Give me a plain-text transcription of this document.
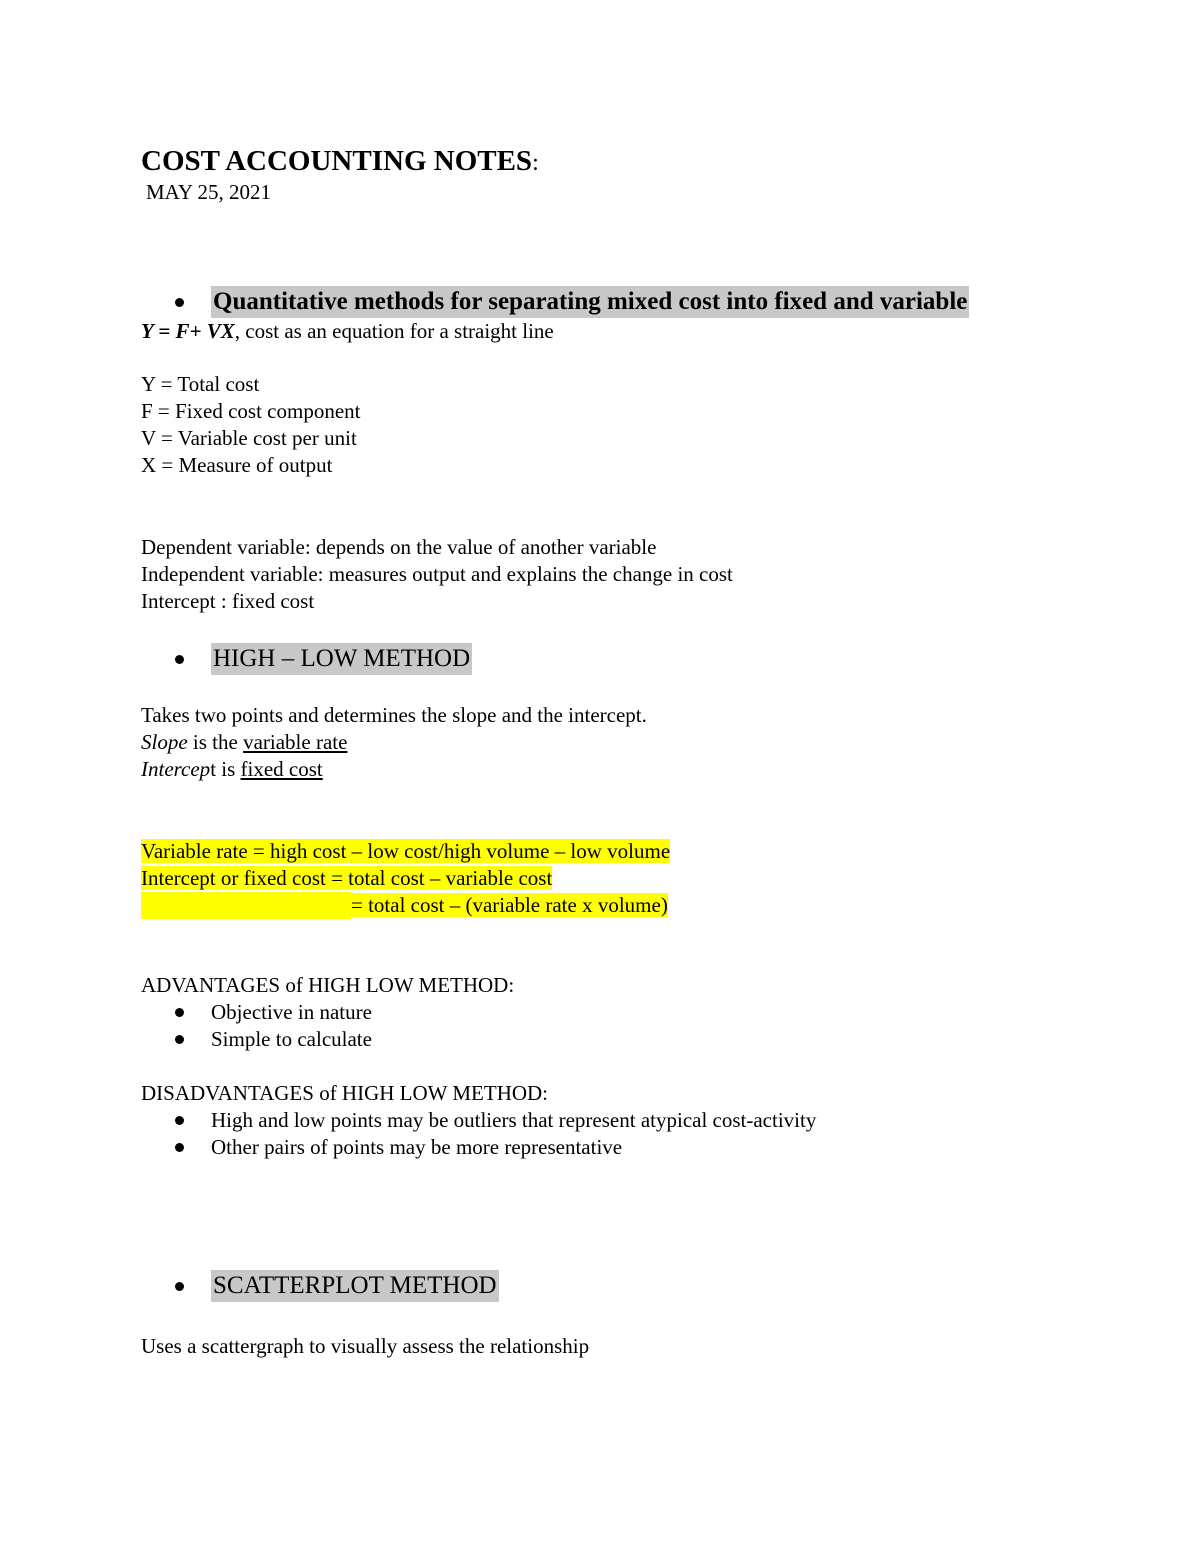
COST ACCOUNTING NOTES:
MAY 25, 2021
Quantitative methods for separating mixed cost into fixed and variable
Y = F+ VX, cost as an equation for a straight line
Y = Total cost
F = Fixed cost component
V = Variable cost per unit
X = Measure of output
Dependent variable: depends on the value of another variable
Independent variable: measures output and explains the change in cost
Intercept : fixed cost
HIGH – LOW METHOD
Takes two points and determines the slope and the intercept.
Slope is the variable rate
Intercept is fixed cost
Variable rate = high cost – low cost/high volume – low volume
Intercept or fixed cost = total cost – variable cost
= total cost – (variable rate x volume)
ADVANTAGES of HIGH LOW METHOD:
Objective in nature
Simple to calculate
DISADVANTAGES of HIGH LOW METHOD:
High and low points may be outliers that represent atypical cost-activity
Other pairs of points may be more representative
SCATTERPLOT METHOD
Uses a scattergraph to visually assess the relationship
